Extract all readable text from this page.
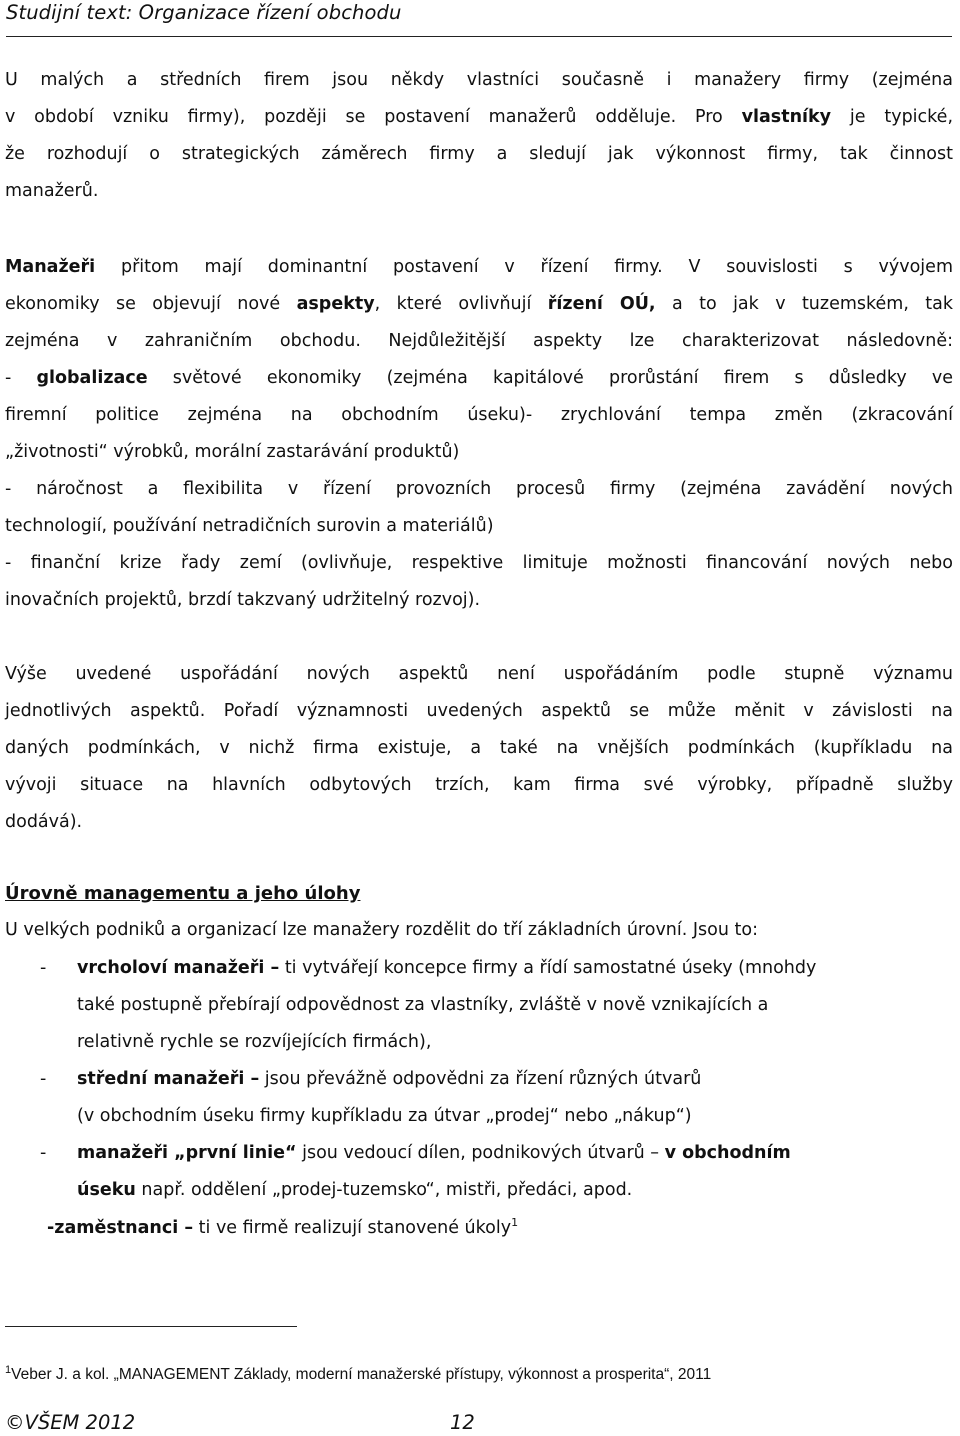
Studijní text: Organizace řízení obchodu
U malých a středních firem jsou někdy vlastníci současně i manažery firmy (zejména
v období vzniku firmy), později se postavení manažerů odděluje. Pro vlastníky je typické,
že rozhodují o strategických záměrech firmy a sledují jak výkonnost firmy, tak činnost
manažerů.
Manažeři přitom mají dominantní postavení v řízení firmy. V souvislosti s vývojem
ekonomiky se objevují nové aspekty, které ovlivňují řízení OÚ, a to jak v tuzemském, tak
zejména v zahraničním obchodu. Nejdůležitější aspekty lze charakterizovat následovně:
- globalizace světové ekonomiky (zejména kapitálové prorůstání firem s důsledky ve
firemní politice zejména na obchodním úseku)- zrychlování tempa změn (zkracování
„životnosti“ výrobků, morální zastarávání produktů)
- náročnost a flexibilita v řízení provozních procesů firmy (zejména zavádění nových
technologií, používání netradičních surovin a materiálů)
- finanční krize řady zemí (ovlivňuje, respektive limituje možnosti financování nových nebo
inovačních projektů, brzdí takzvaný udržitelný rozvoj).
Výše uvedené uspořádání nových aspektů není uspořádáním podle stupně významu
jednotlivých aspektů. Pořadí významnosti uvedených aspektů se může měnit v závislosti na
daných podmínkách, v nichž firma existuje, a také na vnějších podmínkách (kupříkladu na
vývoji situace na hlavních odbytových trzích, kam firma své výrobky, případně služby
dodává).
Úrovně managementu a jeho úlohy
U velkých podniků a organizací lze manažery rozdělit do tří základních úrovní. Jsou to:
- vrcholoví manažeři – ti vytvářejí koncepce firmy a řídí samostatné úseky (mnohdy
také postupně přebírají odpovědnost za vlastníky, zvláště v nově vznikajících a
relativně rychle se rozvíjejících firmách),
- střední manažeři – jsou převážně odpovědni za řízení různých útvarů
(v obchodním úseku firmy kupříkladu za útvar „prodej“ nebo „nákup“)
- manažeři „první linie“ jsou vedoucí dílen, podnikových útvarů – v obchodním
úseku např. oddělení „prodej-tuzemsko“, mistři, předáci, apod.
-zaměstnanci – ti ve firmě realizují stanovené úkoly$^1$
$^1$Veber J. a kol. „MANAGEMENT Základy, moderní manažerské přístupy, výkonnost a prosperita“, 2011
©VŠEM 2012	12
